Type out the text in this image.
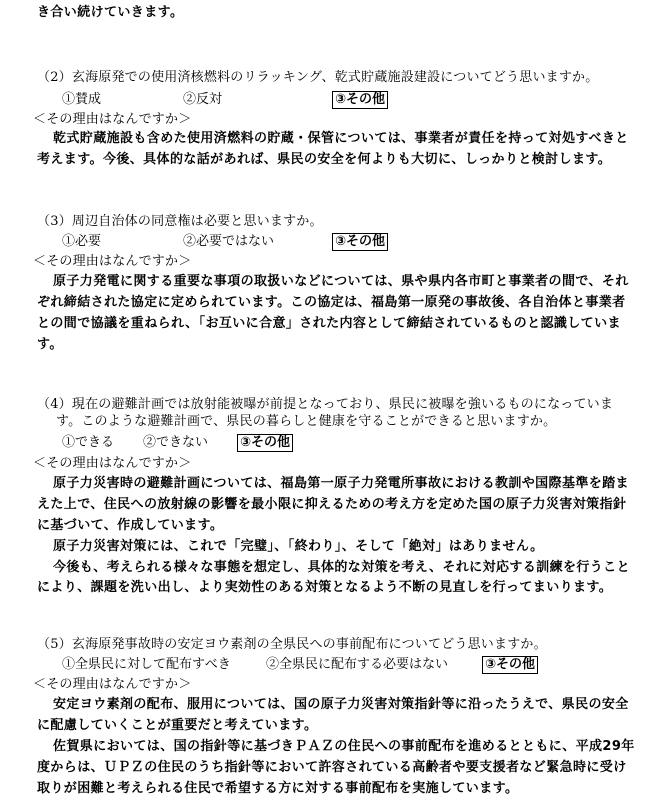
き合い続けていきます。
（2）玄海原発での使用済核燃料のリラッキング、乾式貯蔵施設建設についてどう思いますか。
①賛成	②反対	③その他
＜その理由はなんですか＞
乾式貯蔵施設も含めた使用済燃料の貯蔵・保管については、事業者が責任を持って対処すべきと
考えます。今後、具体的な話があれば、県民の安全を何よりも大切に、しっかりと検討します。
（3）周辺自治体の同意権は必要と思いますか。
①必要	②必要ではない	③その他
＜その理由はなんですか＞
原子力発電に関する重要な事項の取扱いなどについては、県や県内各市町と事業者の間で、それ
ぞれ締結された協定に定められています。この協定は、福島第一原発の事故後、各自治体と事業者
との間で協議を重ねられ、「お互いに合意」された内容として締結されているものと認識していま
す。
（4）現在の避難計画では放射能被曝が前提となっており、県民に被曝を強いるものになっていま
す。このような避難計画で、県民の暮らしと健康を守ることができると思いますか。
①できる ②できない ③その他
＜その理由はなんですか＞
原子力災害時の避難計画については、福島第一原子力発電所事故における教訓や国際基準を踏ま
えた上で、住民への放射線の影響を最小限に抑えるための考え方を定めた国の原子力災害対策指針
に基づいて、作成しています。
原子力災害対策には、これで「完璧」、「終わり」、そして「絶対」はありません。
今後も、考えられる様々な事態を想定し、具体的な対策を考え、それに対応する訓練を行うこと
により、課題を洗い出し、より実効性のある対策となるよう不断の見直しを行ってまいります。
（5）玄海原発事故時の安定ヨウ素剤の全県民への事前配布についてどう思いますか。
①全県民に対して配布すべき	②全県民に配布する必要はない	③その他
＜その理由はなんですか＞
安定ヨウ素剤の配布、服用については、国の原子力災害対策指針等に沿ったうえで、県民の安全
に配慮していくことが重要だと考えています。
佐賀県においては、国の指針等に基づきＰＡＺの住民への事前配布を進めるとともに、平成29年
度からは、ＵＰＺの住民のうち指針等において許容されている高齢者や要支援者など緊急時に受け
取りが困難と考えられる住民で希望する方に対する事前配布を実施しています。
